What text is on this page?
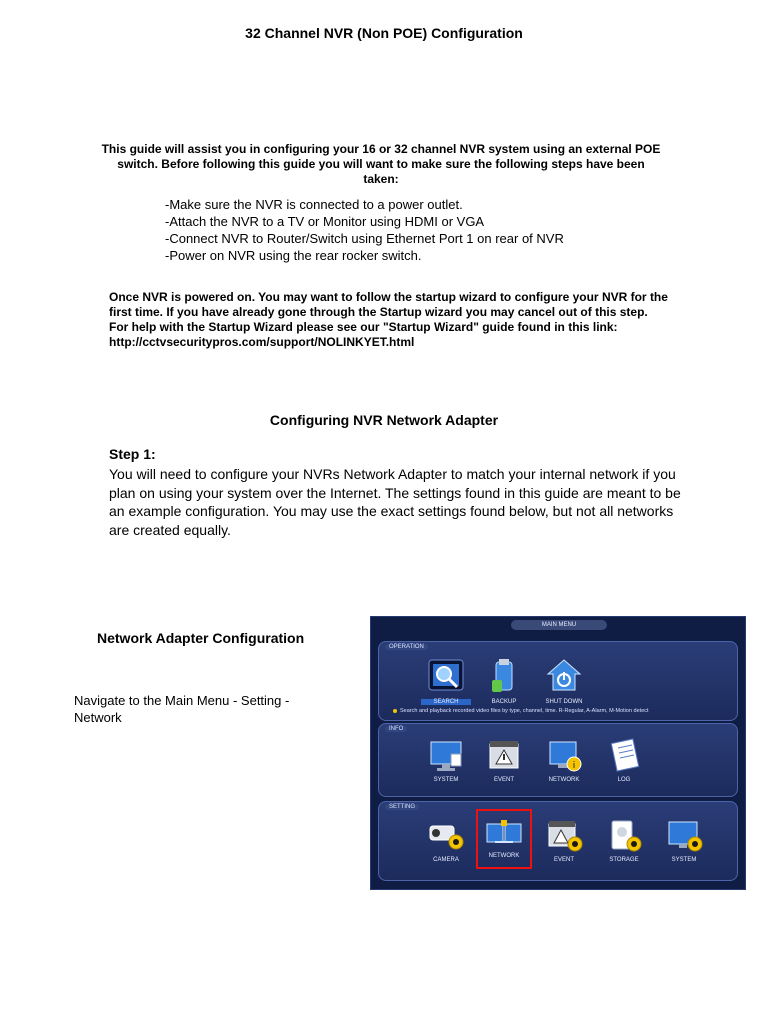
32 Channel NVR (Non POE) Configuration
This guide will assist you in configuring your 16 or 32 channel NVR system using an external POE switch. Before following this guide you will want to make sure the following steps have been taken:
-Make sure the NVR is connected to a power outlet.
-Attach the NVR to a TV or Monitor using HDMI or VGA
-Connect NVR to Router/Switch using Ethernet Port 1 on rear of NVR
-Power on NVR using the rear rocker switch.
Once NVR is powered on. You may want to follow the startup wizard to configure your NVR for the first time. If you have already gone through the Startup wizard you may cancel out of this step. For help with the Startup Wizard please see our "Startup Wizard" guide found in this link: http://cctvsecuritypros.com/support/NOLINKYET.html
Configuring NVR Network Adapter
Step 1:
You will need to configure your NVRs Network Adapter to match your internal network if you plan on using your system over the Internet. The settings found in this guide are meant to be an example configuration. You may use the exact settings found below, but not all networks are created equally.
Network Adapter Configuration
Navigate to the Main Menu - Setting - Network
MAIN MENU
OPERATION
SEARCH	BACKUP	SHUT DOWN
Search and playback recorded video files by type, channel, time. R-Regular, A-Alarm, M-Motion detect
INFO
SYSTEM	EVENT
i
NETWORK	LOG
SETTING
CAMERA
NETWORK
EVENT	STORAGE	SYSTEM
